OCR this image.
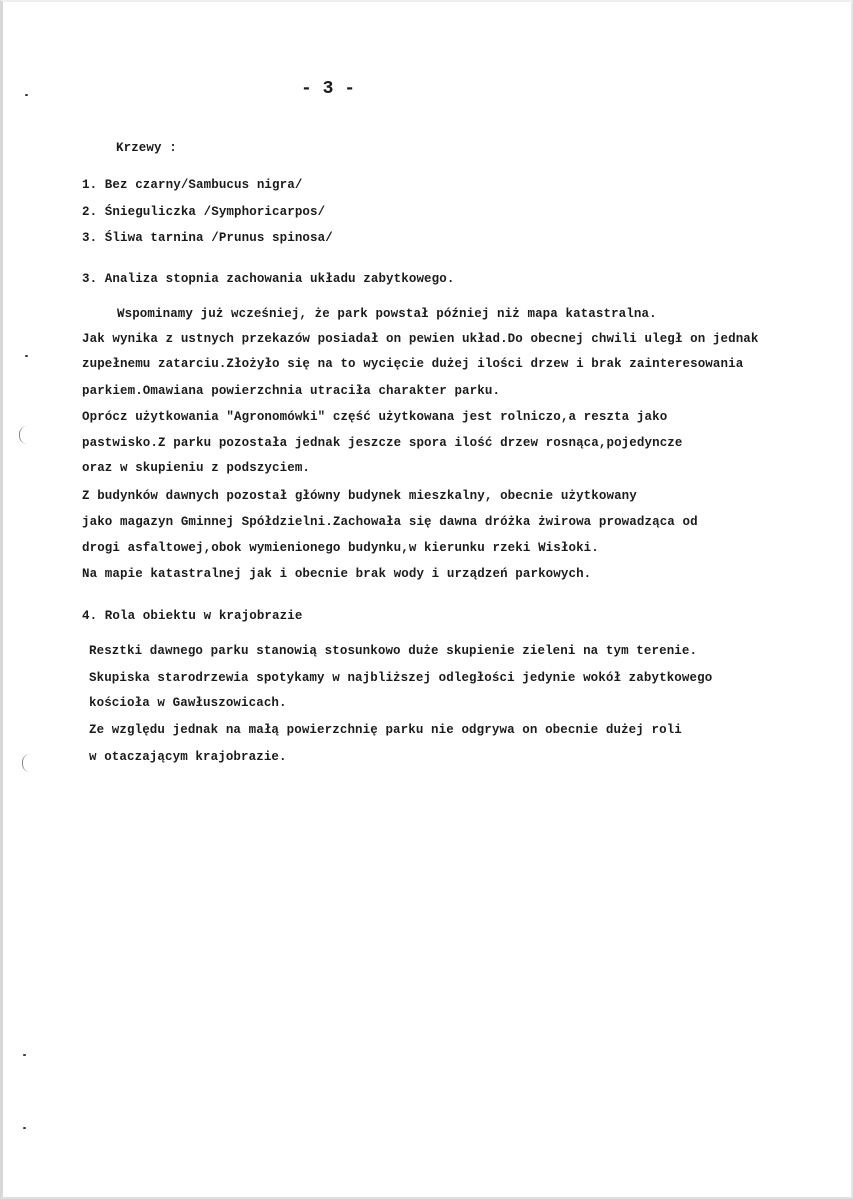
- 3 -
Krzewy :
1. Bez czarny/Sambucus nigra/
2. Śnieguliczka /Symphoricarpos/
3. Śliwa tarnina /Prunus spinosa/
3. Analiza stopnia zachowania układu zabytkowego.
Wspominamy już wcześniej, że park powstał później niż mapa katastralna.
Jak wynika z ustnych przekazów posiadał on pewien układ.Do obecnej chwili uległ on jednak
zupełnemu zatarciu.Złożyło się na to wycięcie dużej ilości drzew i brak zainteresowania
parkiem.Omawiana powierzchnia utraciła charakter parku.
Oprócz użytkowania "Agronomówki" część użytkowana jest rolniczo,a reszta jako
pastwisko.Z parku pozostała jednak jeszcze spora ilość drzew rosnąca,pojedyncze
oraz w skupieniu z podszyciem.
Z budynków dawnych pozostał główny budynek mieszkalny, obecnie użytkowany
jako magazyn Gminnej Spółdzielni.Zachowała się dawna dróżka żwirowa prowadząca od
drogi asfaltowej,obok wymienionego budynku,w kierunku rzeki Wisłoki.
Na mapie katastralnej jak i obecnie brak wody i urządzeń parkowych.
4. Rola obiektu w krajobrazie
Resztki dawnego parku stanowią stosunkowo duże skupienie zieleni na tym terenie.
Skupiska starodrzewia spotykamy w najbliższej odległości jedynie wokół zabytkowego
kościoła w Gawłuszowicach.
Ze względu jednak na małą powierzchnię parku nie odgrywa on obecnie dużej roli
w otaczającym krajobrazie.
